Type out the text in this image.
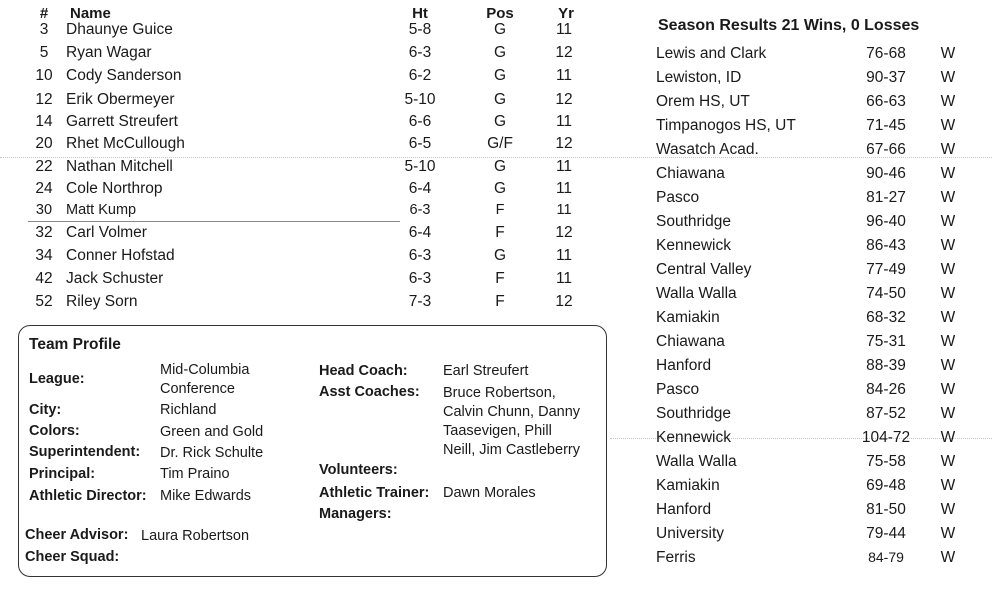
#	Name	Ht	Pos	Yr
3	Dhaunye Guice	5-8	G	11
5	Ryan Wagar	6-3	G	12
10 Cody Sanderson	6-2	G	11
12 Erik Obermeyer	5-10	G	12
14 Garrett Streufert	6-6	G	11
20 Rhet McCullough	6-5	G/F	12
22 Nathan Mitchell	5-10	G	11
24 Cole Northrop	6-4	G	11
30 Matt Kump	6-3	F	11
32 Carl Volmer	6-4	F	12
34 Conner Hofstad	6-3	G	11
42 Jack Schuster	6-3	F	11
52 Riley Sorn	7-3	F	12
Team Profile
League:
Mid-Columbia
Conference
City:	Richland
Colors:	Green and Gold
Superintendent: Dr. Rick Schulte
Principal:	Tim Praino
Athletic Director: Mike Edwards
Cheer Advisor: Laura Robertson
Cheer Squad:
Head Coach: Earl Streufert
Asst Coaches: Bruce Robertson,
Calvin Chunn, Danny
Taasevigen, Phill
Neill, Jim Castleberry
Volunteers:
Athletic Trainer: Dawn Morales
Managers:
Season Results 21 Wins, 0 Losses
Lewis and Clark	76-68	W
Lewiston, ID	90-37	W
Orem HS, UT	66-63	W
Timpanogos HS, UT	71-45	W
Wasatch Acad.	67-66	W
Chiawana	90-46	W
Pasco	81-27	W
Southridge	96-40	W
Kennewick	86-43	W
Central Valley	77-49	W
Walla Walla	74-50	W
Kamiakin	68-32	W
Chiawana	75-31	W
Hanford	88-39	W
Pasco	84-26	W
Southridge	87-52	W
Kennewick	104-72	W
Walla Walla	75-58	W
Kamiakin	69-48	W
Hanford	81-50	W
University	79-44	W
Ferris	84-79	W
